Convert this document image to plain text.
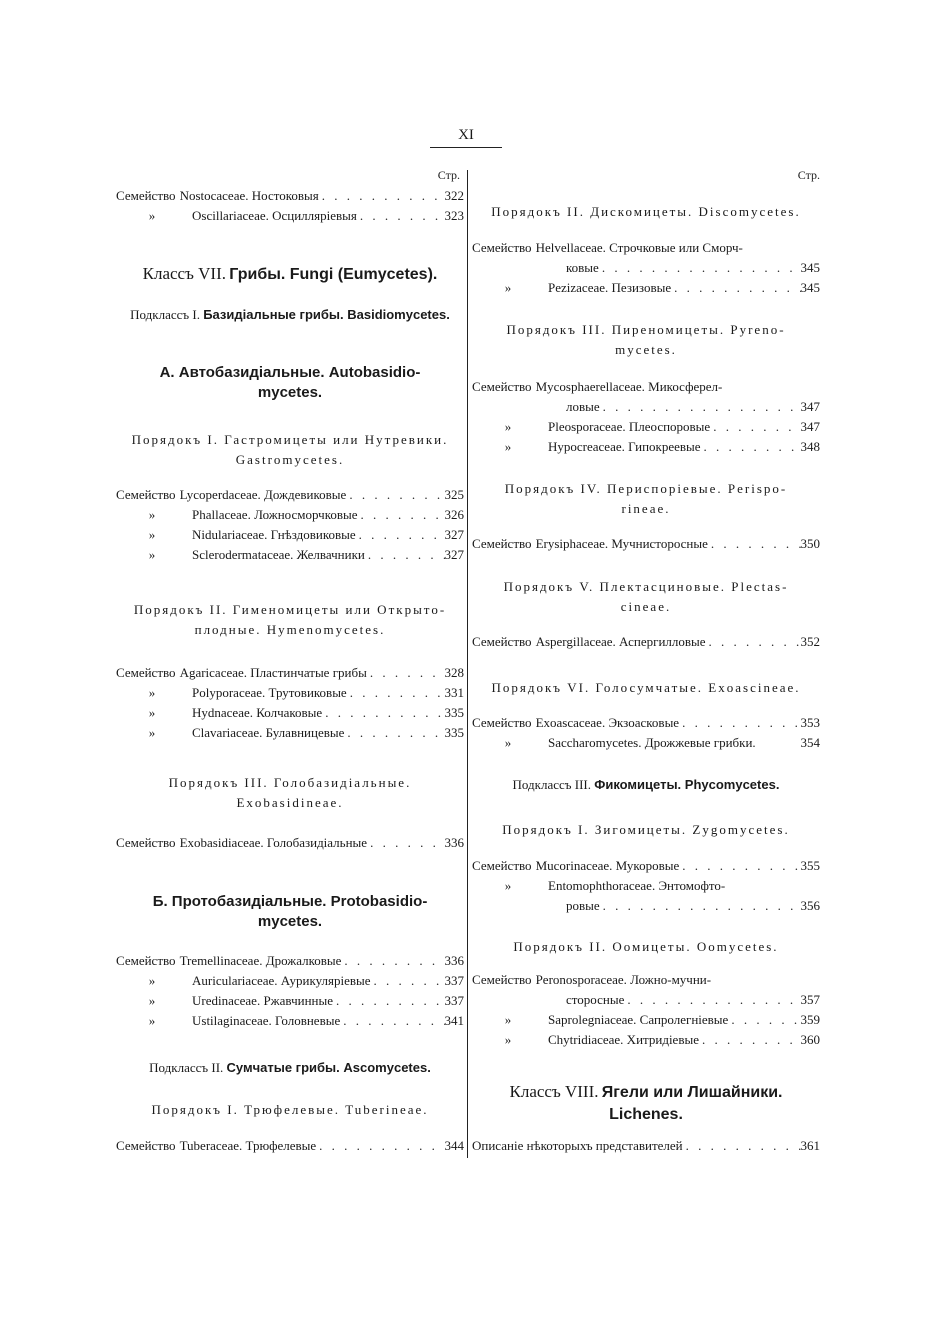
XI
Стр.
Семейство Nostocaceae. Ностоковыя . . .	322
»	Oscillariaceae. Осциллярiевыя . . .	323
Классъ VII. Грибы. Fungi (Eumycetes).
Подклассъ I. Базидiальные грибы. Basidiomycetes.
А. Автобазидiальные. Autobasidio-
mycetes.
Порядокъ I. Гастромицеты или Нутревики.
Gastromycetes.
Семейство Lycoperdaceae. Дождевиковые . . .	325
»	Phallaceae. Ложносморчковые . . .	326
»	Nidulariaceae. Гнѣздовиковые . . .	327
»	Sclerodermataceae. Желвачники . . .	327
Порядокъ II. Гименомицеты или Открыто-
плодные. Hymenomycetes.
Семейство Agaricaceae. Пластинчатые грибы . . .	328
»	Polyporaceae. Трутовиковые . . .	331
»	Hydnaceae. Колчаковые . . .	335
»	Clavariaceae. Булавницевые . . .	335
Порядокъ III. Голобазидiальные.
Exobasidineae.
Семейство Exobasidiaceae. Голобазидiальные . . .	336
Б. Протобазидiальные. Protobasidio-
mycetes.
Семейство Tremellinaceae. Дрожалковые . . .	336
»	Auriculariaceae. Аурикулярiевые . . .	337
»	Uredinaceae. Ржавчинные . . .	337
»	Ustilaginaceae. Головневые . . .	341
Подклассъ II. Сумчатые грибы. Ascomycetes.
Порядокъ I. Трюфелевые. Tuberineae.
Семейство Tuberaceae. Трюфелевые . . .	344
Стр.
Порядокъ II. Дискомицеты. Discomycetes.
Семейство Helvellaceae. Строчковые или Сморч-
ковые . . .	345
»	Pezizaceae. Пезизовые . . .	345
Порядокъ III. Пиреномицеты. Pyreno-
mycetes.
Семейство Mycosphaerellaceae. Микосферел-
ловые . . .	347
»	Pleosporaceae. Плеоспоровые . . .	347
»	Hypocreaceae. Гипокреевые . . .	348
Порядокъ IV. Периспорiевые. Perispo-
rineae.
Семейство Erysiphaceae. Мучнисторосные . . .	350
Порядокъ V. Плектасциновые. Plectas-
cineae.
Семейство Aspergillaceae. Аспергилловые . . .	352
Порядокъ VI. Голосумчатые. Exoascineae.
Семейство Exoascaceae. Экзоасковые . . .	353
»	Saccharomycetes. Дрожжевые грибки.	354
Подклассъ III. Фикомицеты. Phycomycetes.
Порядокъ I. Зигомицеты. Zygomycetes.
Семейство Mucorinaceae. Мукоровые . . .	355
»	Entomophthoraceae. Энтомофто-
ровые . . .	356
Порядокъ II. Оомицеты. Oomycetes.
Семейство Peronosporaceae. Ложно-мучни-
сторосные . . .	357
»	Saprolegniaceae. Сапролегнiевые . . .	359
»	Chytridiaceae. Хитридiевые . . .	360
Классъ VIII. Ягели или Лишайники.
Lichenes.
Описанiе нѣкоторыхъ представителей . . .	361
